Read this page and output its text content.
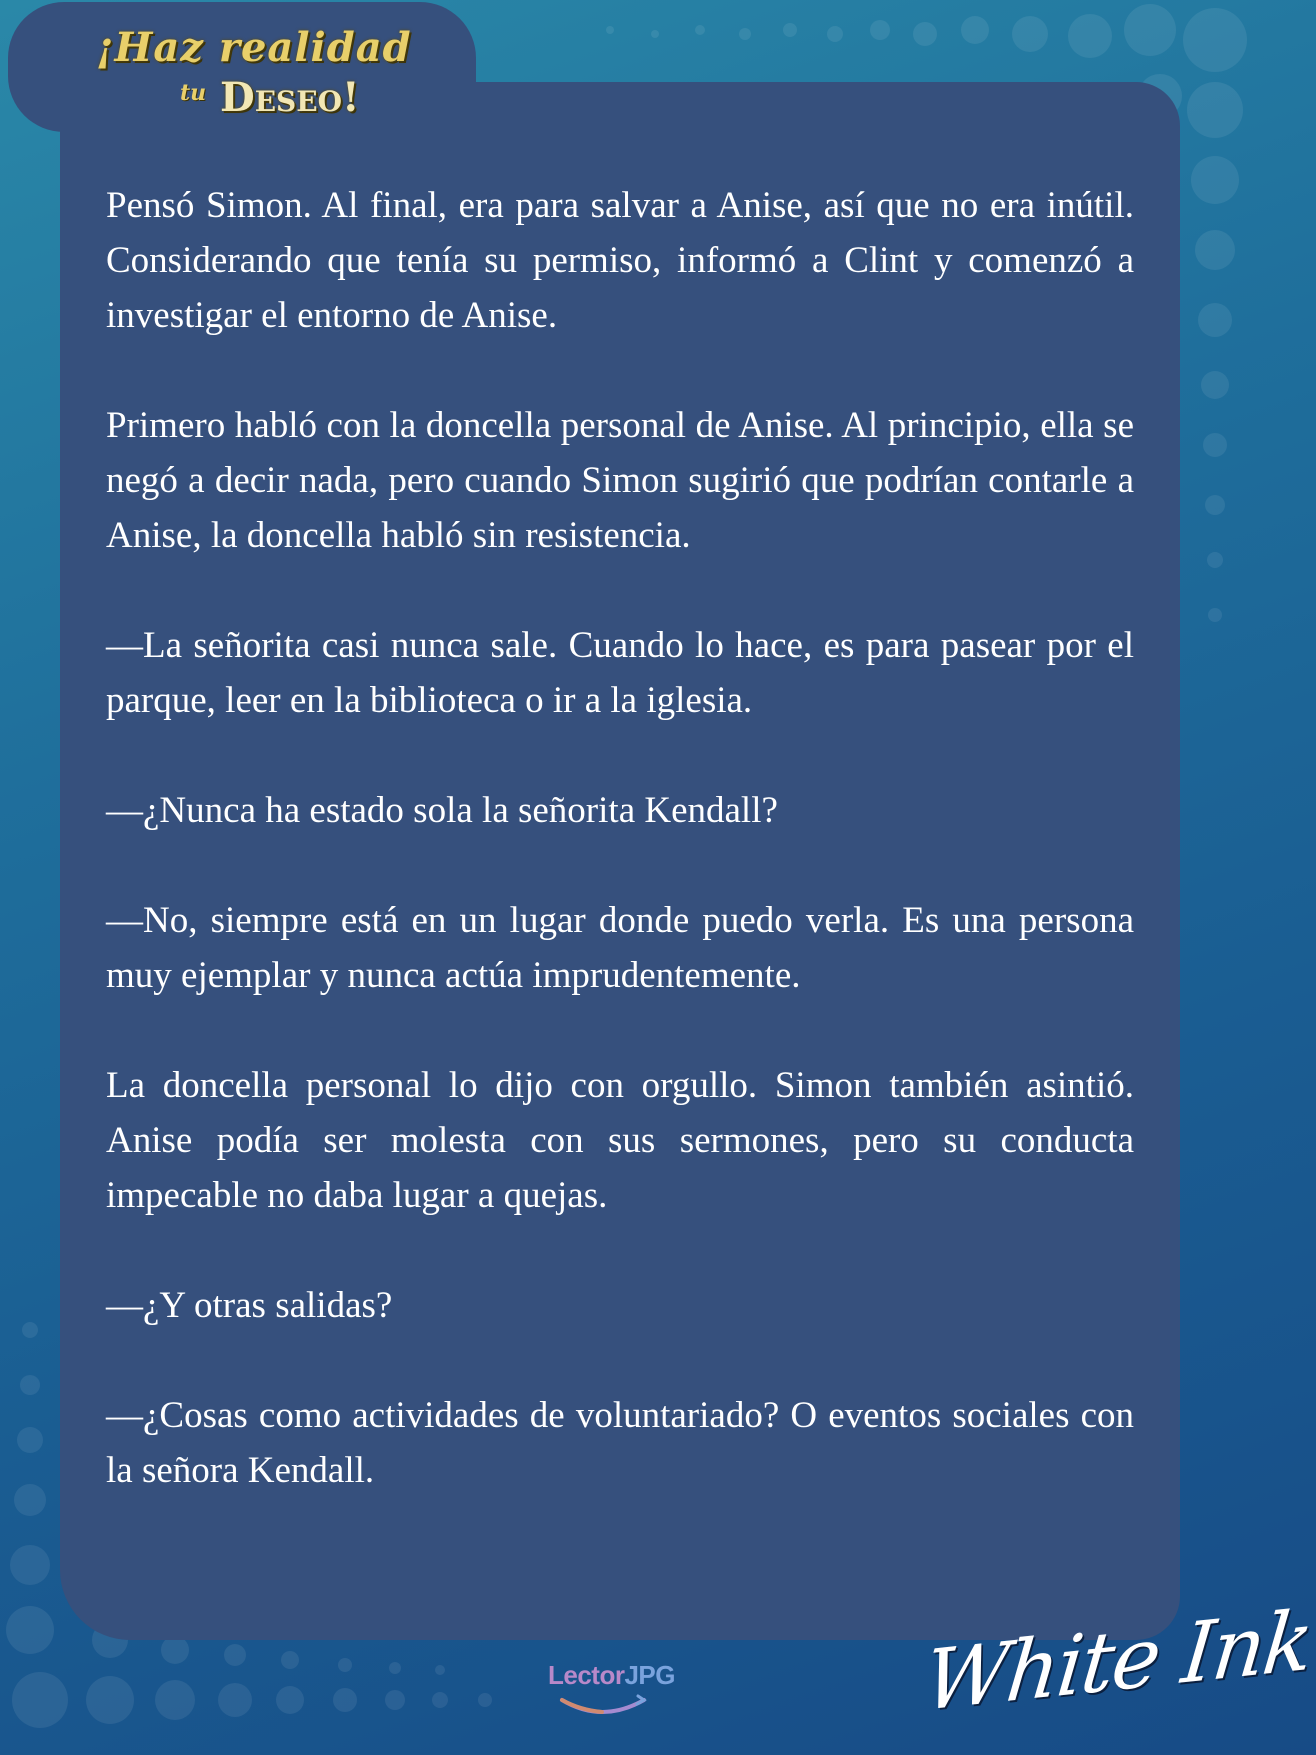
¡Haz realidad
tu Deseo!

Pensó Simon. Al final, era para salvar a Anise, así que no era inútil. Considerando que tenía su permiso, informó a Clint y comenzó a investigar el entorno de Anise.

Primero habló con la doncella personal de Anise. Al principio, ella se negó a decir nada, pero cuando Simon sugirió que podrían contarle a Anise, la doncella habló sin resistencia.

—La señorita casi nunca sale. Cuando lo hace, es para pasear por el parque, leer en la biblioteca o ir a la iglesia.

—¿Nunca ha estado sola la señorita Kendall?

—No, siempre está en un lugar donde puedo verla. Es una persona muy ejemplar y nunca actúa imprudentemente.

La doncella personal lo dijo con orgullo. Simon también asintió. Anise podía ser molesta con sus sermones, pero su conducta impecable no daba lugar a quejas.

—¿Y otras salidas?

—¿Cosas como actividades de voluntariado? O eventos sociales con la señora Kendall.

LectorJPG	White Ink
